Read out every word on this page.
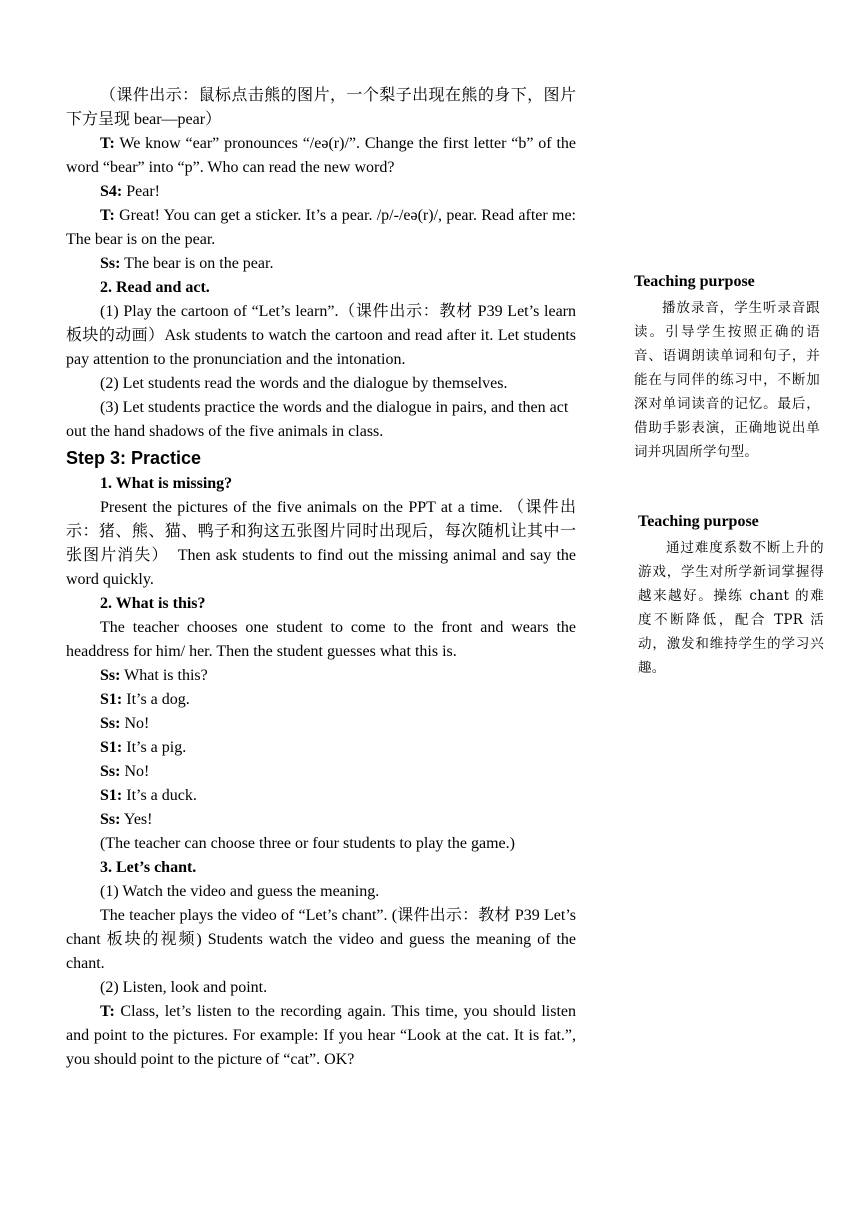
（课件出示：鼠标点击熊的图片，一个梨子出现在熊的身下，图片下方呈现 bear—pear）

T: We know “ear” pronounces “/eə(r)/”. Change the first letter “b” of the word “bear” into “p”. Who can read the new word?

S4: Pear!

T: Great! You can get a sticker. It’s a pear. /p/-/eə(r)/, pear. Read after me: The bear is on the pear.

Ss: The bear is on the pear.

2. Read and act.

(1) Play the cartoon of “Let’s learn”.（课件出示：教材 P39 Let’s learn 板块的动画）Ask students to watch the cartoon and read after it. Let students pay attention to the pronunciation and the intonation.

(2) Let students read the words and the dialogue by themselves.

(3) Let students practice the words and the dialogue in pairs, and then act out the hand shadows of the five animals in class.

Step 3: Practice

1. What is missing?

Present the pictures of the five animals on the PPT at a time. （课件出示：猪、熊、猫、鸭子和狗这五张图片同时出现后，每次随机让其中一张图片消失）　Then ask students to find out the missing animal and say the word quickly.

2. What is this?

The teacher chooses one student to come to the front and wears the headdress for him/ her. Then the student guesses what this is.

Ss: What is this?

S1: It’s a dog.

Ss: No!

S1: It’s a pig.

Ss: No!

S1: It’s a duck.

Ss: Yes!

(The teacher can choose three or four students to play the game.)

3. Let’s chant.

(1) Watch the video and guess the meaning.

The teacher plays the video of “Let’s chant”. (课件出示：教材 P39 Let’s chant 板块的视频) Students watch the video and guess the meaning of the chant.

(2) Listen, look and point.

T: Class, let’s listen to the recording again. This time, you should listen and point to the pictures. For example: If you hear “Look at the cat. It is fat.”, you should point to the picture of “cat”. OK?

Teaching purpose
播放录音，学生听录音跟读。引导学生按照正确的语音、语调朗读单词和句子，并能在与同伴的练习中，不断加深对单词读音的记忆。最后，借助手影表演，正确地说出单词并巩固所学句型。
Teaching purpose
通过难度系数不断上升的游戏，学生对所学新词掌握得越来越好。操练 chant 的难度不断降低，配合 TPR 活动，激发和维持学生的学习兴趣。
